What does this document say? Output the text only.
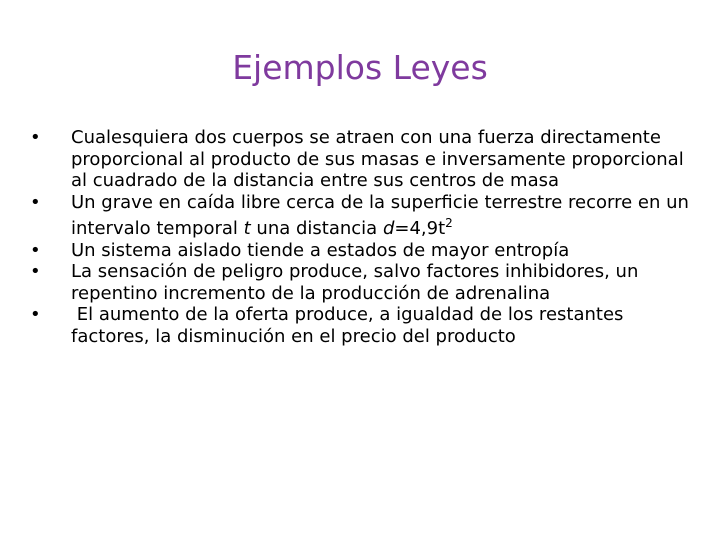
Ejemplos Leyes
• Cualesquiera dos cuerpos se atraen con una fuerza directamente proporcional al producto de sus masas e inversamente proporcional al cuadrado de la distancia entre sus centros de masa
• Un grave en caída libre cerca de la superficie terrestre recorre en un intervalo temporal t una distancia $d=4,9t^2$
• Un sistema aislado tiende a estados de mayor entropía
• La sensación de peligro produce, salvo factores inhibidores, un repentino incremento de la producción de adrenalina
• El aumento de la oferta produce, a igualdad de los restantes factores, la disminución en el precio del producto
